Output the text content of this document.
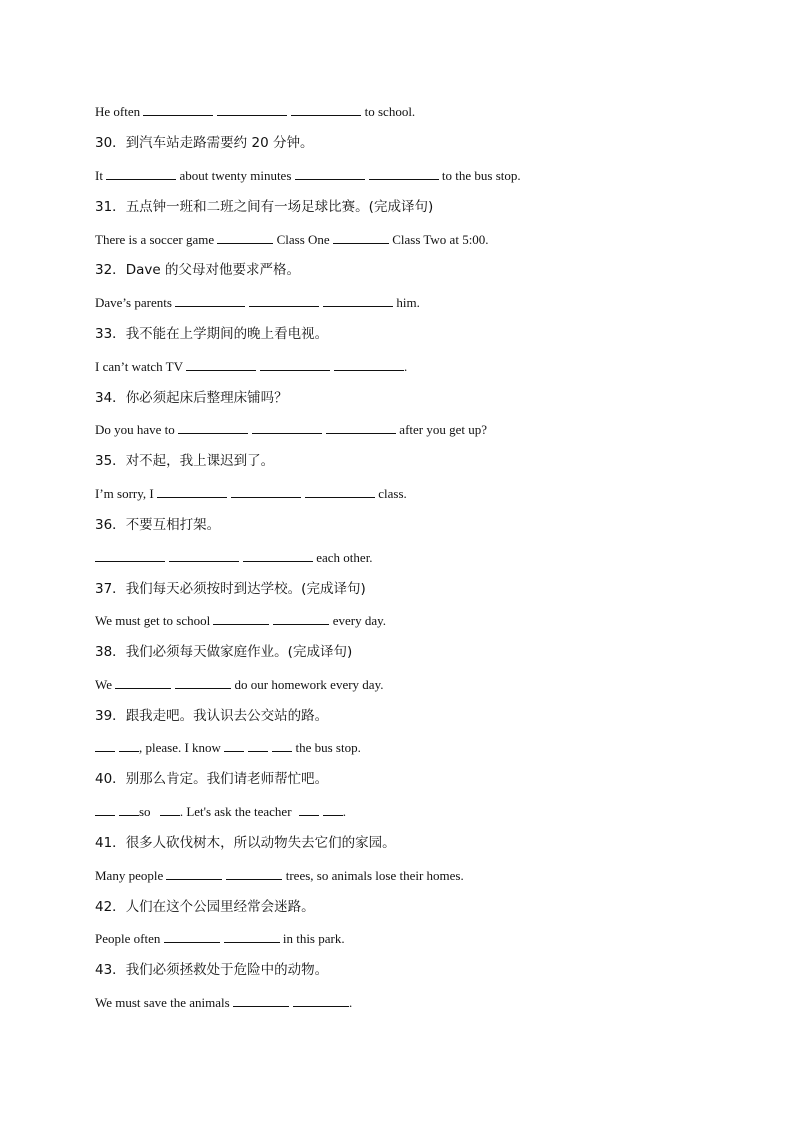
He often	to school.
30．到汽车站走路需要约 20 分钟。
It	about twenty minutes	to the bus stop.
31．五点钟一班和二班之间有一场足球比赛。(完成译句)
There is a soccer game	Class One	Class Two at 5:00.
32．Dave 的父母对他要求严格。
Dave’s parents	him.
33．我不能在上学期间的晚上看电视。
I can’t watch TV	.
34．你必须起床后整理床铺吗？
Do you have to	after you get up?
35．对不起，我上课迟到了。
I’m sorry, I	class.
36．不要互相打架。
each other.
37．我们每天必须按时到达学校。(完成译句)
We must get to school	every day.
38．我们必须每天做家庭作业。(完成译句)
We	do our homework every day.
39．跟我走吧。我认识去公交站的路。
, please. I know	the bus stop.
40．别那么肯定。我们请老师帮忙吧。
so . Let's ask the teacher	.
41．很多人砍伐树木，所以动物失去它们的家园。
Many people	trees, so animals lose their homes.
42．人们在这个公园里经常会迷路。
People often	in this park.
43．我们必须拯救处于危险中的动物。
We must save the animals	.
